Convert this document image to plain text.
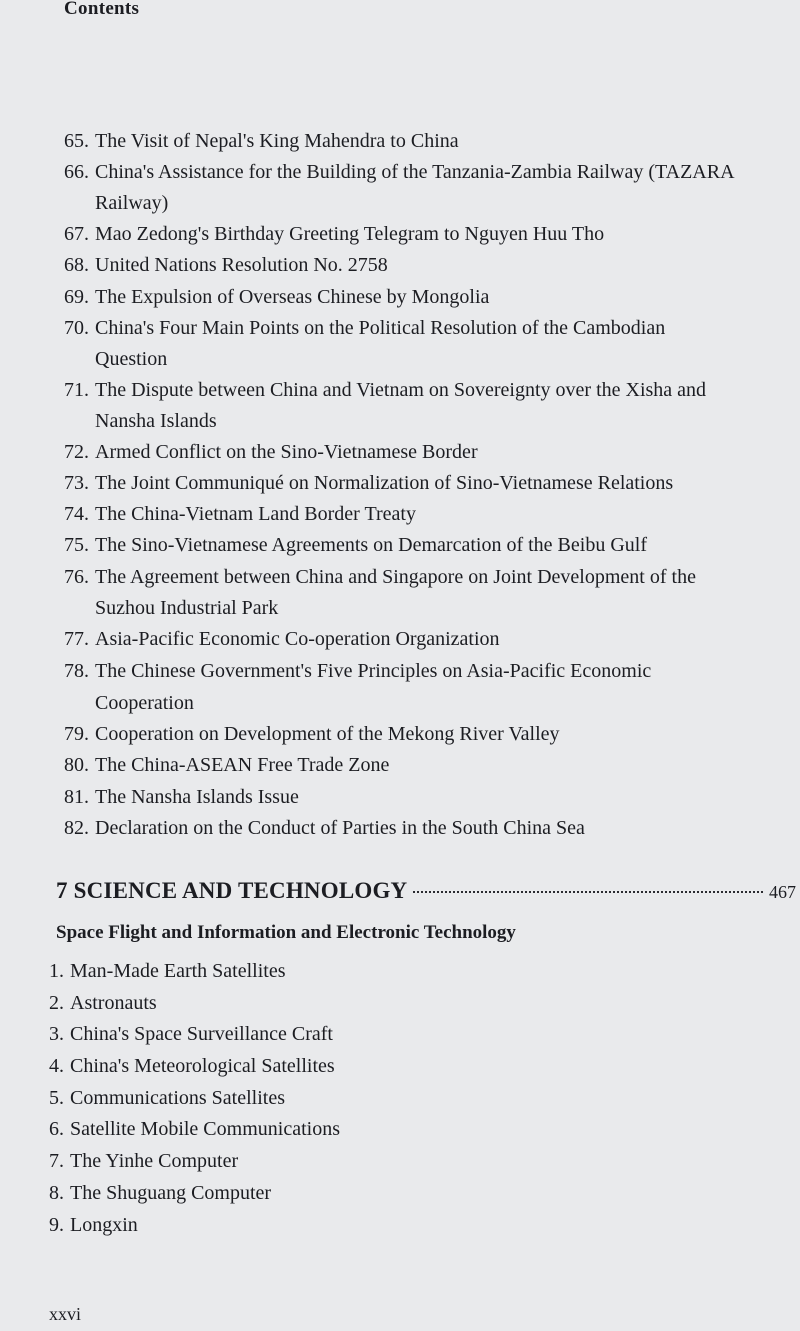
Contents
65. The Visit of Nepal's King Mahendra to China
66. China's Assistance for the Building of the Tanzania-Zambia Railway (TAZARA
Railway)
67. Mao Zedong's Birthday Greeting Telegram to Nguyen Huu Tho
68. United Nations Resolution No. 2758
69. The Expulsion of Overseas Chinese by Mongolia
70. China's Four Main Points on the Political Resolution of the Cambodian
Question
71. The Dispute between China and Vietnam on Sovereignty over the Xisha and
Nansha Islands
72. Armed Conflict on the Sino-Vietnamese Border
73. The Joint Communiqué on Normalization of Sino-Vietnamese Relations
74. The China-Vietnam Land Border Treaty
75. The Sino-Vietnamese Agreements on Demarcation of the Beibu Gulf
76. The Agreement between China and Singapore on Joint Development of the
Suzhou Industrial Park
77. Asia-Pacific Economic Co-operation Organization
78. The Chinese Government's Five Principles on Asia-Pacific Economic
Cooperation
79. Cooperation on Development of the Mekong River Valley
80. The China-ASEAN Free Trade Zone
81. The Nansha Islands Issue
82. Declaration on the Conduct of Parties in the South China Sea
7 SCIENCE AND TECHNOLOGY	467
Space Flight and Information and Electronic Technology
1. Man-Made Earth Satellites
2. Astronauts
3. China's Space Surveillance Craft
4. China's Meteorological Satellites
5. Communications Satellites
6. Satellite Mobile Communications
7. The Yinhe Computer
8. The Shuguang Computer
9. Longxin
xxvi
